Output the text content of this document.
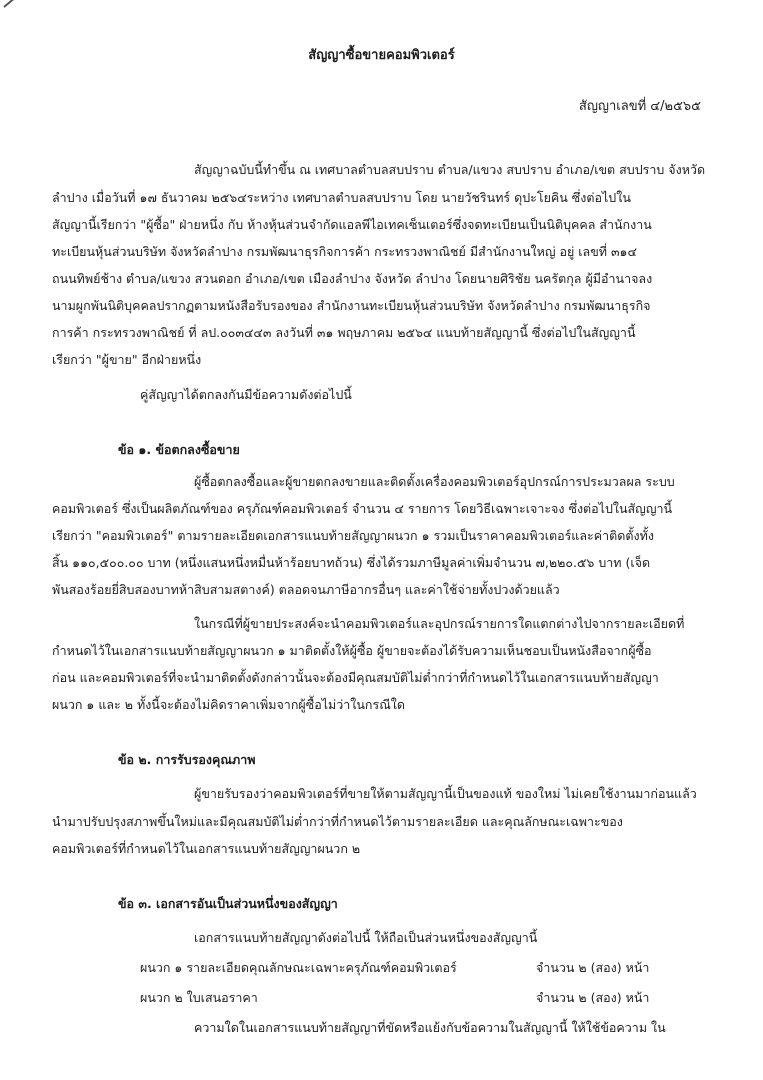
สัญญาซื้อขายคอมพิวเตอร์
สัญญาเลขที่ ๔/๒๕๖๕
สัญญาฉบับนี้ทำขึ้น ณ เทศบาลตำบลสบปราบ ตำบล/แขวง สบปราบ อำเภอ/เขต สบปราบ จังหวัด
ลำปาง เมื่อวันที่ ๑๗ ธันวาคม ๒๕๖๔ระหว่าง เทศบาลตำบลสบปราบ โดย นายวัชรินทร์ ดุปะโยคิน ซึ่งต่อไปใน
สัญญานี้เรียกว่า "ผู้ซื้อ" ฝ่ายหนึ่ง กับ ห้างหุ้นส่วนจำกัดแอลพีไอเทคเซ็นเตอร์ซึ่งจดทะเบียนเป็นนิติบุคคล สำนักงาน
ทะเบียนหุ้นส่วนบริษัท จังหวัดลำปาง กรมพัฒนาธุรกิจการค้า กระทรวงพาณิชย์ มีสำนักงานใหญ่ อยู่ เลขที่ ๓๑๔
ถนนทิพย์ช้าง ตำบล/แขวง สวนดอก อำเภอ/เขต เมืองลำปาง จังหวัด ลำปาง โดยนายศิริชัย นครัตกุล ผู้มีอำนาจลง
นามผูกพันนิติบุคคลปรากฏตามหนังสือรับรองของ สำนักงานทะเบียนหุ้นส่วนบริษัท จังหวัดลำปาง กรมพัฒนาธุรกิจ
การค้า กระทรวงพาณิชย์ ที่ ลป.๐๐๓๔๔๓ ลงวันที่ ๓๑ พฤษภาคม ๒๕๖๔ แนบท้ายสัญญานี้ ซึ่งต่อไปในสัญญานี้
เรียกว่า "ผู้ขาย" อีกฝ่ายหนึ่ง
คู่สัญญาได้ตกลงกันมีข้อความดังต่อไปนี้
ข้อ ๑. ข้อตกลงซื้อขาย
ผู้ซื้อตกลงซื้อและผู้ขายตกลงขายและติดตั้งเครื่องคอมพิวเตอร์อุปกรณ์การประมวลผล ระบบ
คอมพิวเตอร์ ซึ่งเป็นผลิตภัณฑ์ของ ครุภัณฑ์คอมพิวเตอร์ จำนวน ๔ รายการ โดยวิธีเฉพาะเจาะจง ซึ่งต่อไปในสัญญานี้
เรียกว่า "คอมพิวเตอร์" ตามรายละเอียดเอกสารแนบท้ายสัญญาผนวก ๑ รวมเป็นราคาคอมพิวเตอร์และค่าติดตั้งทั้ง
สิ้น ๑๑๐,๕๐๐.๐๐ บาท (หนึ่งแสนหนึ่งหมื่นห้าร้อยบาทถ้วน) ซึ่งได้รวมภาษีมูลค่าเพิ่มจำนวน ๗,๒๒๐.๕๖ บาท (เจ็ด
พันสองร้อยยี่สิบสองบาทห้าสิบสามสตางค์) ตลอดจนภาษีอากรอื่นๆ และค่าใช้จ่ายทั้งปวงด้วยแล้ว
ในกรณีที่ผู้ขายประสงค์จะนำคอมพิวเตอร์และอุปกรณ์รายการใดแตกต่างไปจากรายละเอียดที่
กำหนดไว้ในเอกสารแนบท้ายสัญญาผนวก ๑ มาติดตั้งให้ผู้ซื้อ ผู้ขายจะต้องได้รับความเห็นชอบเป็นหนังสือจากผู้ซื้อ
ก่อน และคอมพิวเตอร์ที่จะนำมาติดตั้งดังกล่าวนั้นจะต้องมีคุณสมบัติไม่ต่ำกว่าที่กำหนดไว้ในเอกสารแนบท้ายสัญญา
ผนวก ๑ และ ๒ ทั้งนี้จะต้องไม่คิดราคาเพิ่มจากผู้ซื้อไม่ว่าในกรณีใด
ข้อ ๒. การรับรองคุณภาพ
ผู้ขายรับรองว่าคอมพิวเตอร์ที่ขายให้ตามสัญญานี้เป็นของแท้ ของใหม่ ไม่เคยใช้งานมาก่อนแล้ว
นำมาปรับปรุงสภาพขึ้นใหม่และมีคุณสมบัติไม่ต่ำกว่าที่กำหนดไว้ตามรายละเอียด และคุณลักษณะเฉพาะของ
คอมพิวเตอร์ที่กำหนดไว้ในเอกสารแนบท้ายสัญญาผนวก ๒
ข้อ ๓. เอกสารอันเป็นส่วนหนึ่งของสัญญา
เอกสารแนบท้ายสัญญาดังต่อไปนี้ ให้ถือเป็นส่วนหนึ่งของสัญญานี้
ผนวก ๑ รายละเอียดคุณลักษณะเฉพาะครุภัณฑ์คอมพิวเตอร์	จำนวน ๒ (สอง) หน้า
ผนวก ๒ ใบเสนอราคา	จำนวน ๒ (สอง) หน้า
ความใดในเอกสารแนบท้ายสัญญาที่ขัดหรือแย้งกับข้อความในสัญญานี้ ให้ใช้ข้อความ ใน
